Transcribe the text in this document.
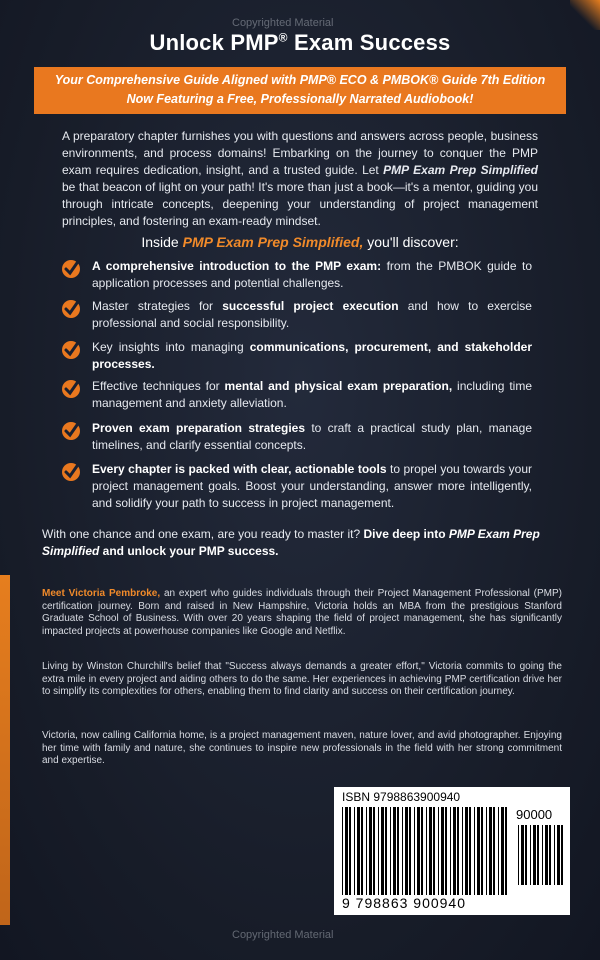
Copyrighted Material
Unlock PMP® Exam Success
Your Comprehensive Guide Aligned with PMP® ECO & PMBOK® Guide 7th Edition
Now Featuring a Free, Professionally Narrated Audiobook!
A preparatory chapter furnishes you with questions and answers across people, business environments, and process domains! Embarking on the journey to conquer the PMP exam requires dedication, insight, and a trusted guide. Let PMP Exam Prep Simplified be that beacon of light on your path! It's more than just a book—it's a mentor, guiding you through intricate concepts, deepening your understanding of project management principles, and fostering an exam-ready mindset.
Inside PMP Exam Prep Simplified, you'll discover:
A comprehensive introduction to the PMP exam: from the PMBOK guide to application processes and potential challenges.
Master strategies for successful project execution and how to exercise professional and social responsibility.
Key insights into managing communications, procurement, and stakeholder processes.
Effective techniques for mental and physical exam preparation, including time management and anxiety alleviation.
Proven exam preparation strategies to craft a practical study plan, manage timelines, and clarify essential concepts.
Every chapter is packed with clear, actionable tools to propel you towards your project management goals. Boost your understanding, answer more intelligently, and solidify your path to success in project management.
With one chance and one exam, are you ready to master it? Dive deep into PMP Exam Prep Simplified and unlock your PMP success.
Meet Victoria Pembroke, an expert who guides individuals through their Project Management Professional (PMP) certification journey. Born and raised in New Hampshire, Victoria holds an MBA from the prestigious Stanford Graduate School of Business. With over 20 years shaping the field of project management, she has significantly impacted projects at powerhouse companies like Google and Netflix.
Living by Winston Churchill's belief that "Success always demands a greater effort," Victoria commits to going the extra mile in every project and aiding others to do the same. Her experiences in achieving PMP certification drive her to simplify its complexities for others, enabling them to find clarity and success on their certification journey.
Victoria, now calling California home, is a project management maven, nature lover, and avid photographer. Enjoying her time with family and nature, she continues to inspire new professionals in the field with her strong commitment and expertise.
ISBN 9798863900940
90000
9 798863 900940
Copyrighted Material
